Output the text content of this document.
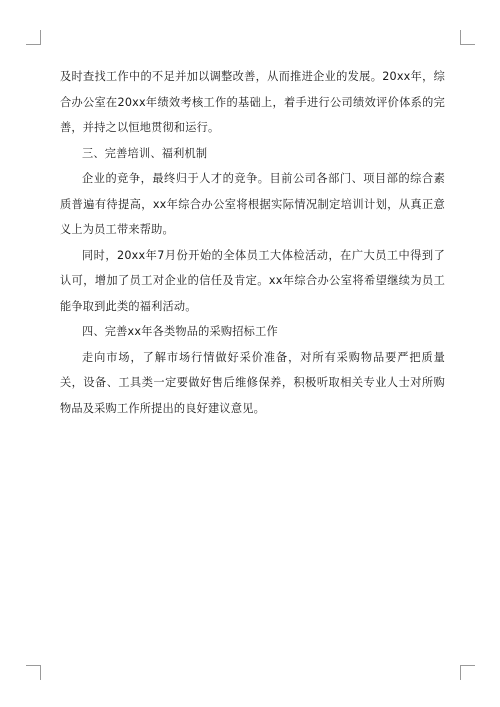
及时查找工作中的不足并加以调整改善，从而推进企业的发展。20xx年，综合办公室在20xx年绩效考核工作的基础上，着手进行公司绩效评价体系的完善，并持之以恒地贯彻和运行。

三、完善培训、福利机制

企业的竞争，最终归于人才的竞争。目前公司各部门、项目部的综合素质普遍有待提高，xx年综合办公室将根据实际情况制定培训计划，从真正意义上为员工带来帮助。

同时，20xx年7月份开始的全体员工大体检活动，在广大员工中得到了认可，增加了员工对企业的信任及肯定。xx年综合办公室将希望继续为员工能争取到此类的福利活动。

四、完善xx年各类物品的采购招标工作

走向市场，了解市场行情做好采价准备，对所有采购物品要严把质量关，设备、工具类一定要做好售后维修保养，积极听取相关专业人士对所购物品及采购工作所提出的良好建议意见。
